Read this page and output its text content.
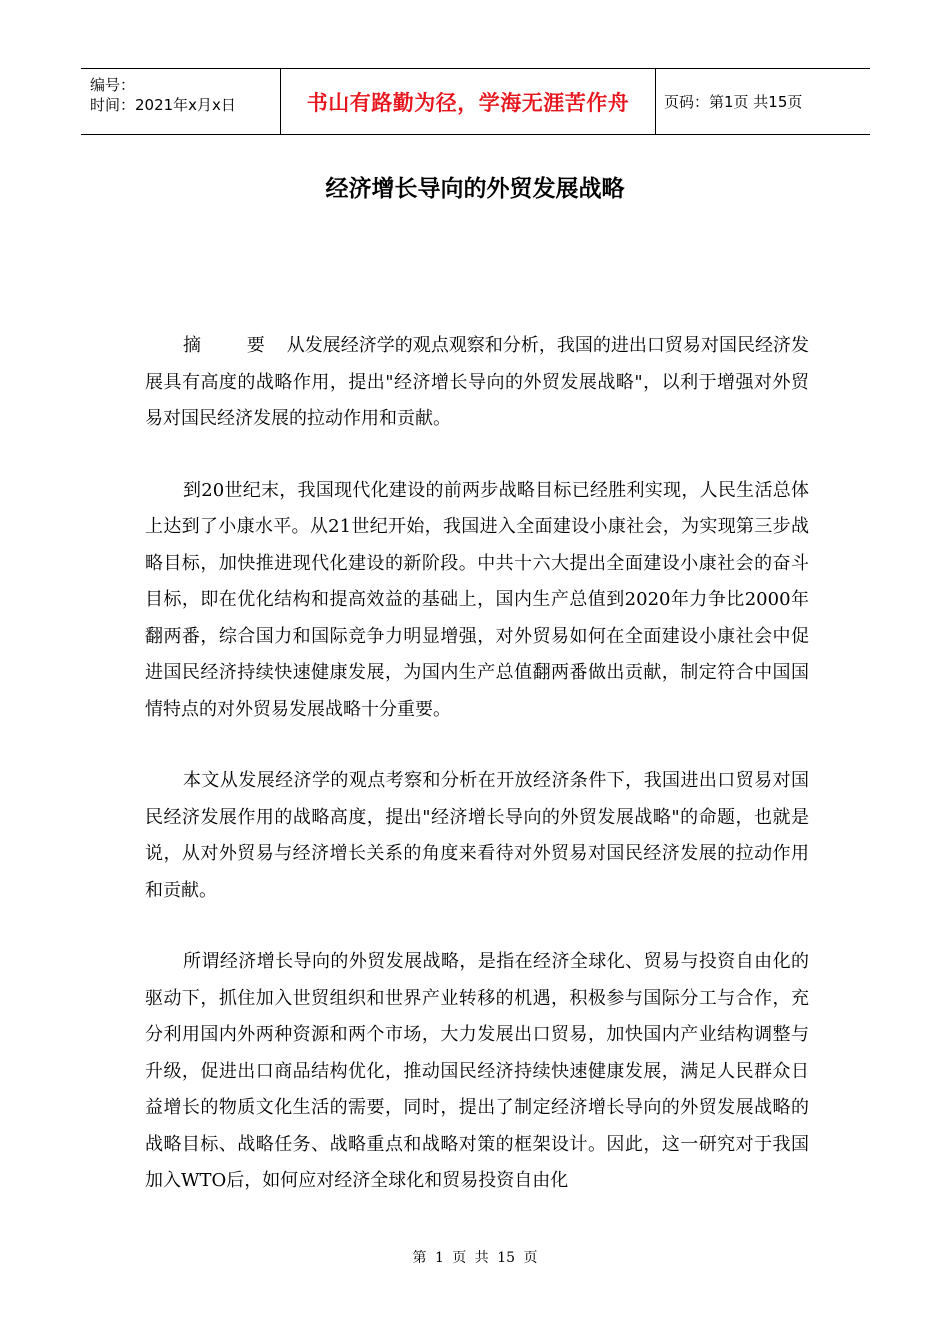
编号：
时间：2021年x月x日	书山有路勤为径，学海无涯苦作舟	页码：第1页 共15页
经济增长导向的外贸发展战略

摘 要 从发展经济学的观点观察和分析，我国的进出口贸易对国民经济发展具有高度的战略作用，提出"经济增长导向的外贸发展战略"，以利于增强对外贸易对国民经济发展的拉动作用和贡献。

到20世纪末，我国现代化建设的前两步战略目标已经胜利实现，人民生活总体上达到了小康水平。从21世纪开始，我国进入全面建设小康社会，为实现第三步战略目标，加快推进现代化建设的新阶段。中共十六大提出全面建设小康社会的奋斗目标，即在优化结构和提高效益的基础上，国内生产总值到2020年力争比2000年翻两番，综合国力和国际竞争力明显增强，对外贸易如何在全面建设小康社会中促进国民经济持续快速健康发展，为国内生产总值翻两番做出贡献，制定符合中国国情特点的对外贸易发展战略十分重要。

本文从发展经济学的观点考察和分析在开放经济条件下，我国进出口贸易对国民经济发展作用的战略高度，提出"经济增长导向的外贸发展战略"的命题，也就是说，从对外贸易与经济增长关系的角度来看待对外贸易对国民经济发展的拉动作用和贡献。

所谓经济增长导向的外贸发展战略，是指在经济全球化、贸易与投资自由化的驱动下，抓住加入世贸组织和世界产业转移的机遇，积极参与国际分工与合作，充分利用国内外两种资源和两个市场，大力发展出口贸易，加快国内产业结构调整与升级，促进出口商品结构优化，推动国民经济持续快速健康发展，满足人民群众日益增长的物质文化生活的需要，同时，提出了制定经济增长导向的外贸发展战略的战略目标、战略任务、战略重点和战略对策的框架设计。因此，这一研究对于我国加入WTO后，如何应对经济全球化和贸易投资自由化

第 1 页 共 15 页
